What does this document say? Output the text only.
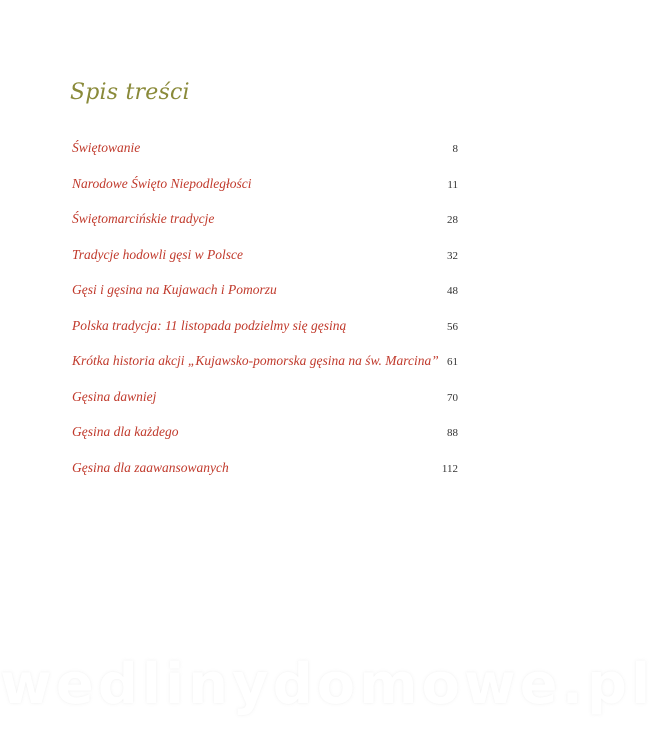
Spis treści
Świętowanie	8
Narodowe Święto Niepodległości	11
Świętomarcińskie tradycje	28
Tradycje hodowli gęsi w Polsce	32
Gęsi i gęsina na Kujawach i Pomorzu	48
Polska tradycja: 11 listopada podzielmy się gęsiną	56
Krótka historia akcji „Kujawsko-pomorska gęsina na św. Marcina” 61
Gęsina dawniej	70
Gęsina dla każdego	88
Gęsina dla zaawansowanych	112
wedlinydomowe.pl
